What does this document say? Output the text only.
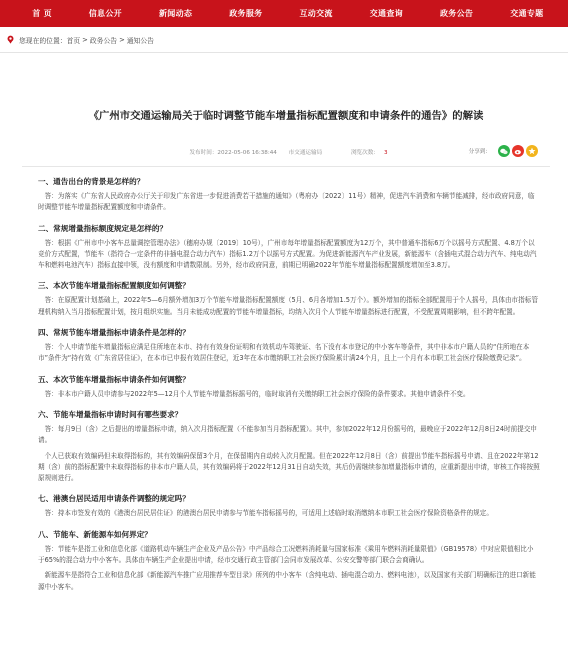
首 页	信息公开	新闻动态	政务服务	互动交流	交通查询	政务公告	交通专题
您现在的位置： 首页 > 政务公告 > 通知公告
《广州市交通运输局关于临时调整节能车增量指标配置额度和申请条件的通告》的解读
发布时间：2022-05-06 16:38:44 市交通运输局	浏览次数： 3	分享到：
一、通告出台的背景是怎样的？

答：为落实《广东省人民政府办公厅关于印发广东省进一步促进消费若干措施的通知》（粤府办〔2022〕11号）精神，促进汽车消费和车辆节能减排，经市政府同意，临时调整节能车增量指标配置额度和申请条件。

二、常规增量指标额度规定是怎样的？

答：根据《广州市中小客车总量调控管理办法》（穗府办规〔2019〕10号），广州市每年增量指标配置额度为12万个，其中普通车指标6万个以摇号方式配置、4.8万个以竞价方式配置，节能车（指符合一定条件的非插电混合动力汽车）指标1.2万个以摇号方式配置。为促进新能源汽车产业发展，新能源车（含插电式混合动力汽车、纯电动汽车和燃料电池汽车）指标直接申领，没有额度和申请数限制。另外，经市政府同意，前期已明确2022年节能车增量指标配置额度增加至3.8万。

三、本次节能车增量指标配置额度如何调整？

答：在原配置计划基础上，2022年5—6月额外增加3万个节能车增量指标配置额度（5月、6月各增加1.5万个）。额外增加的指标全部配置用于个人摇号，具体由市指标管理机构纳入当月指标配置计划，按月组织实施。当月未能成功配置的节能车增量指标，均纳入次月个人节能车增量指标进行配置，不受配置周期影响，但不跨年配置。

四、常规节能车增量指标申请条件是怎样的？

答：个人申请节能车增量指标应满足住所地在本市、持有有效身份证明和有效机动车驾驶证、名下没有本市登记的中小客车等条件，其中非本市户籍人员的“住所地在本市”条件为“持有效《广东省居住证》，在本市已申报有效居住登记，近3年在本市缴纳职工社会医疗保险累计满24个月，且上一个月有本市职工社会医疗保险缴费记录”。

五、本次节能车增量指标申请条件如何调整？

答：非本市户籍人员申请参与2022年5—12月个人节能车增量指标摇号的，临时取消有关缴纳职工社会医疗保险的条件要求。其他申请条件不变。

六、节能车增量指标申请时间有哪些要求？

答：每月9日（含）之后提出的增量指标申请，纳入次月指标配置（不能参加当月指标配置）。其中，参加2022年12月份摇号的，最晚应于2022年12月8日24时前提交申请。

个人已获取有效编码但未取得指标的，其有效编码保留3个月，在保留期内自动转入次月配置。但在2022年12月8日（含）前提出节能车指标摇号申请、且在2022年第12期（含）前的指标配置中未取得指标的非本市户籍人员，其有效编码将于2022年12月31日自动失效，其后仍需继续参加增量指标申请的，应重新提出申请，审核工作将按照原规则进行。

七、港澳台居民适用申请条件调整的规定吗？

答：持本市签发有效的《港澳台居民居住证》的港澳台居民申请参与节能车指标摇号的，可适用上述临时取消缴纳本市职工社会医疗保险资格条件的规定。

八、节能车、新能源车如何界定？

答：节能车是指工业和信息化部《道路机动车辆生产企业及产品公告》中产品综合工况燃料消耗量与国家标准《乘用车燃料消耗量限值》（GB19578）中对应限值相比小于65%的混合动力中小客车。具体由车辆生产企业提出申请，经市交通行政主管部门会同市发展改革、公安交警等部门联合会商确认。

新能源车是指符合工业和信息化部《新能源汽车推广应用推荐车型目录》所列的中小客车（含纯电动、插电混合动力、燃料电池），以及国家有关部门明确标注的进口新能源中小客车。
